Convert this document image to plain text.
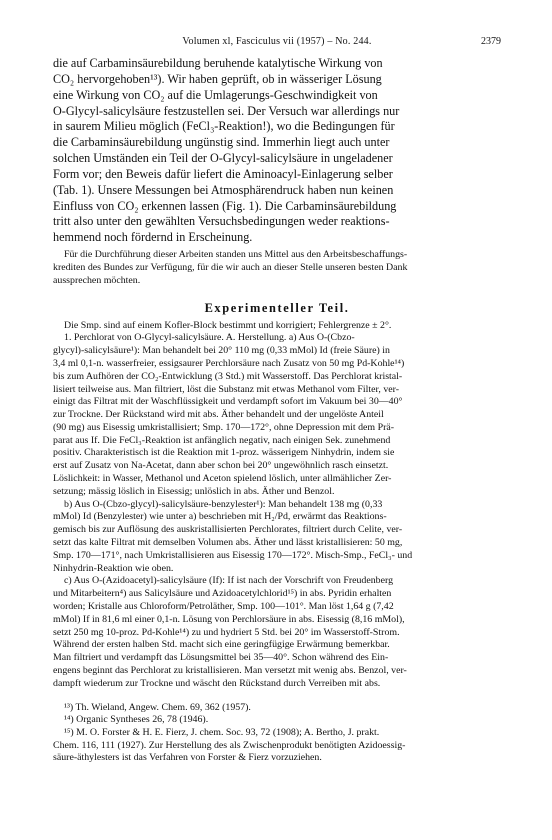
Volumen xl, Fasciculus vii (1957) – No. 244.	2379

die auf Carbaminsäurebildung beruhende katalytische Wirkung von

CO₂ hervorgehoben¹³). Wir haben geprüft, ob in wässeriger Lösung

eine Wirkung von CO₂ auf die Umlagerungs-Geschwindigkeit von

O-Glycyl-salicylsäure festzustellen sei. Der Versuch war allerdings nur

in saurem Milieu möglich (FeCl₃-Reaktion!), wo die Bedingungen für

die Carbaminsäurebildung ungünstig sind. Immerhin liegt auch unter

solchen Umständen ein Teil der O-Glycyl-salicylsäure in ungeladener

Form vor; den Beweis dafür liefert die Aminoacyl-Einlagerung selber

(Tab. 1). Unsere Messungen bei Atmosphärendruck haben nun keinen

Einfluss von CO₂ erkennen lassen (Fig. 1). Die Carbaminsäurebildung

tritt also unter den gewählten Versuchsbedingungen weder reaktions-

hemmend noch fördernd in Erscheinung.

Für die Durchführung dieser Arbeiten standen uns Mittel aus den Arbeitsbeschaffungs-

krediten des Bundes zur Verfügung, für die wir auch an dieser Stelle unseren besten Dank

aussprechen möchten.

Experimenteller Teil.

Die Smp. sind auf einem Kofler-Block bestimmt und korrigiert; Fehlergrenze ± 2°.

1. Perchlorat von O-Glycyl-salicylsäure. A. Herstellung. a) Aus O-(Cbzo-

glycyl)-salicylsäure¹): Man behandelt bei 20° 110 mg (0,33 mMol) Id (freie Säure) in

3,4 ml 0,1-n. wasserfreier, essigsaurer Perchlorsäure nach Zusatz von 50 mg Pd-Kohle¹⁴)

bis zum Aufhören der CO₂-Entwicklung (3 Std.) mit Wasserstoff. Das Perchlorat kristal-

lisiert teilweise aus. Man filtriert, löst die Substanz mit etwas Methanol vom Filter, ver-

einigt das Filtrat mit der Waschflüssigkeit und verdampft sofort im Vakuum bei 30—40°

zur Trockne. Der Rückstand wird mit abs. Äther behandelt und der ungelöste Anteil

(90 mg) aus Eisessig umkristallisiert; Smp. 170—172°, ohne Depression mit dem Prä-

parat aus If. Die FeCl₃-Reaktion ist anfänglich negativ, nach einigen Sek. zunehmend

positiv. Charakteristisch ist die Reaktion mit 1-proz. wässerigem Ninhydrin, indem sie

erst auf Zusatz von Na-Acetat, dann aber schon bei 20° ungewöhnlich rasch einsetzt.

Löslichkeit: in Wasser, Methanol und Aceton spielend löslich, unter allmählicher Zer-

setzung; mässig löslich in Eisessig; unlöslich in abs. Äther und Benzol.

b) Aus O-(Cbzo-glycyl)-salicylsäure-benzylester¹): Man behandelt 138 mg (0,33

mMol) Id (Benzylester) wie unter a) beschrieben mit H₂/Pd, erwärmt das Reaktions-

gemisch bis zur Auflösung des auskristallisierten Perchlorates, filtriert durch Celite, ver-

setzt das kalte Filtrat mit demselben Volumen abs. Äther und lässt kristallisieren: 50 mg,

Smp. 170—171°, nach Umkristallisieren aus Eisessig 170—172°. Misch-Smp., FeCl₃- und

Ninhydrin-Reaktion wie oben.

c) Aus O-(Azidoacetyl)-salicylsäure (If): If ist nach der Vorschrift von Freudenberg

und Mitarbeitern⁴) aus Salicylsäure und Azidoacetylchlorid¹⁵) in abs. Pyridin erhalten

worden; Kristalle aus Chloroform/Petroläther, Smp. 100—101°. Man löst 1,64 g (7,42

mMol) If in 81,6 ml einer 0,1-n. Lösung von Perchlorsäure in abs. Eisessig (8,16 mMol),

setzt 250 mg 10-proz. Pd-Kohle¹⁴) zu und hydriert 5 Std. bei 20° im Wasserstoff-Strom.

Während der ersten halben Std. macht sich eine geringfügige Erwärmung bemerkbar.

Man filtriert und verdampft das Lösungsmittel bei 35—40°. Schon während des Ein-

engens beginnt das Perchlorat zu kristallisieren. Man versetzt mit wenig abs. Benzol, ver-

dampft wiederum zur Trockne und wäscht den Rückstand durch Verreiben mit abs.

¹³) Th. Wieland, Angew. Chem. 69, 362 (1957).

¹⁴) Organic Syntheses 26, 78 (1946).

¹⁵) M. O. Forster & H. E. Fierz, J. chem. Soc. 93, 72 (1908); A. Bertho, J. prakt.

Chem. 116, 111 (1927). Zur Herstellung des als Zwischenprodukt benötigten Azidoessig-

säure-äthylesters ist das Verfahren von Forster & Fierz vorzuziehen.
